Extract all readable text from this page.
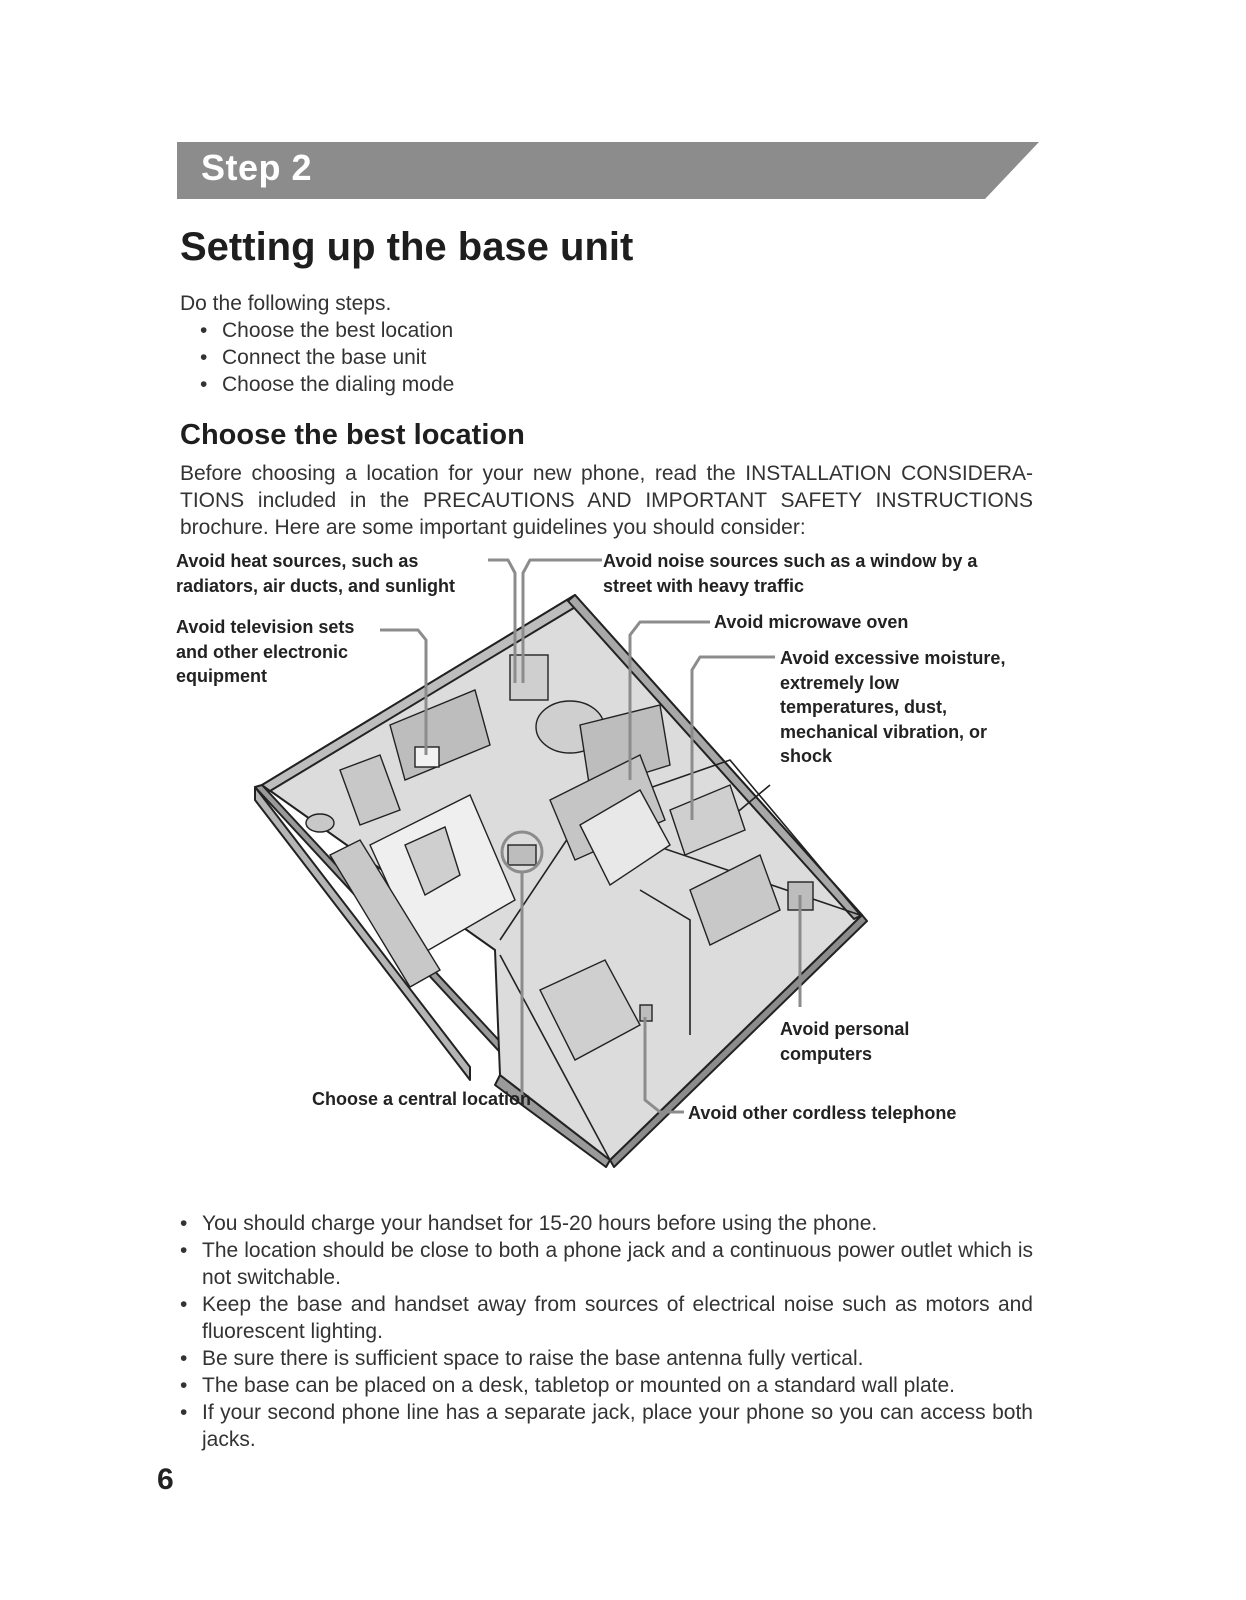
Step 2
Setting up the base unit
Do the following steps.
• Choose the best location
• Connect the base unit
• Choose the dialing mode
Choose the best location

Before choosing a location for your new phone, read the INSTALLATION CONSIDERA-TIONS included in the PRECAUTIONS AND IMPORTANT SAFETY INSTRUCTIONS brochure. Here are some important guidelines you should consider:

Avoid heat sources, such as radiators, air ducts, and sunlight
Avoid noise sources such as a window by a street with heavy traffic
Avoid television sets and other electronic equipment
Avoid microwave oven
Avoid excessive moisture, extremely low temperatures, dust, mechanical vibration, or shock
Avoid personal computers
Choose a central location
Avoid other cordless telephone
• You should charge your handset for 15-20 hours before using the phone.
• The location should be close to both a phone jack and a continuous power outlet which is not switchable.
• Keep the base and handset away from sources of electrical noise such as motors and fluorescent lighting.
• Be sure there is sufficient space to raise the base antenna fully vertical.
• The base can be placed on a desk, tabletop or mounted on a standard wall plate.
• If your second phone line has a separate jack, place your phone so you can access both jacks.
6
